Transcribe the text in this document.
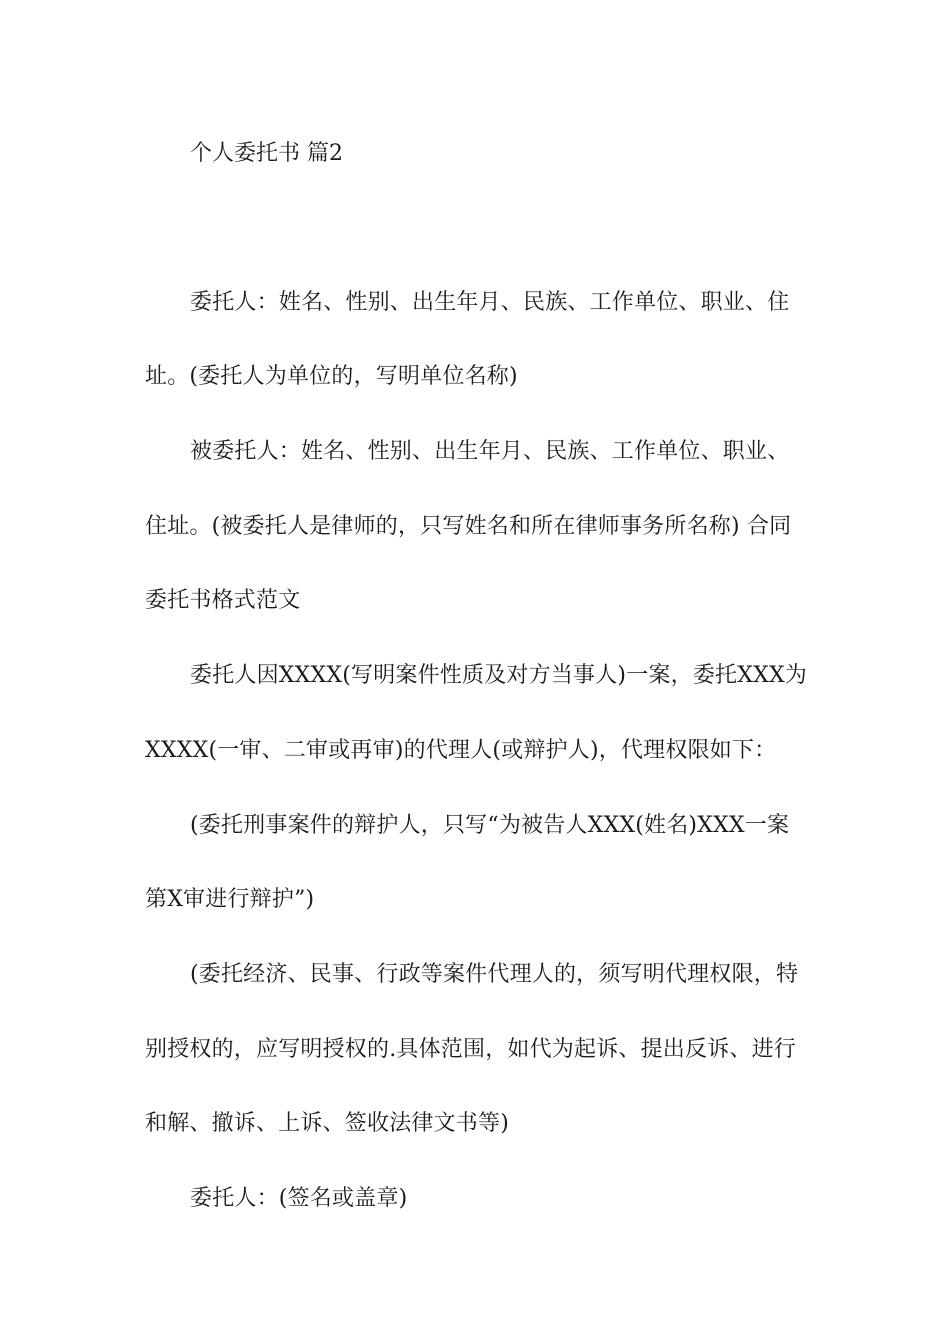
个人委托书 篇2
委托人：姓名、性别、出生年月、民族、工作单位、职业、住
址。(委托人为单位的，写明单位名称)
被委托人：姓名、性别、出生年月、民族、工作单位、职业、
住址。(被委托人是律师的，只写姓名和所在律师事务所名称) 合同
委托书格式范文
委托人因XXXX(写明案件性质及对方当事人)一案，委托XXX为
XXXX(一审、二审或再审)的代理人(或辩护人)，代理权限如下：
(委托刑事案件的辩护人，只写“为被告人XXX(姓名)XXX一案
第X审进行辩护”)
(委托经济、民事、行政等案件代理人的，须写明代理权限，特
别授权的，应写明授权的.具体范围，如代为起诉、提出反诉、进行
和解、撤诉、上诉、签收法律文书等)
委托人：(签名或盖章)
